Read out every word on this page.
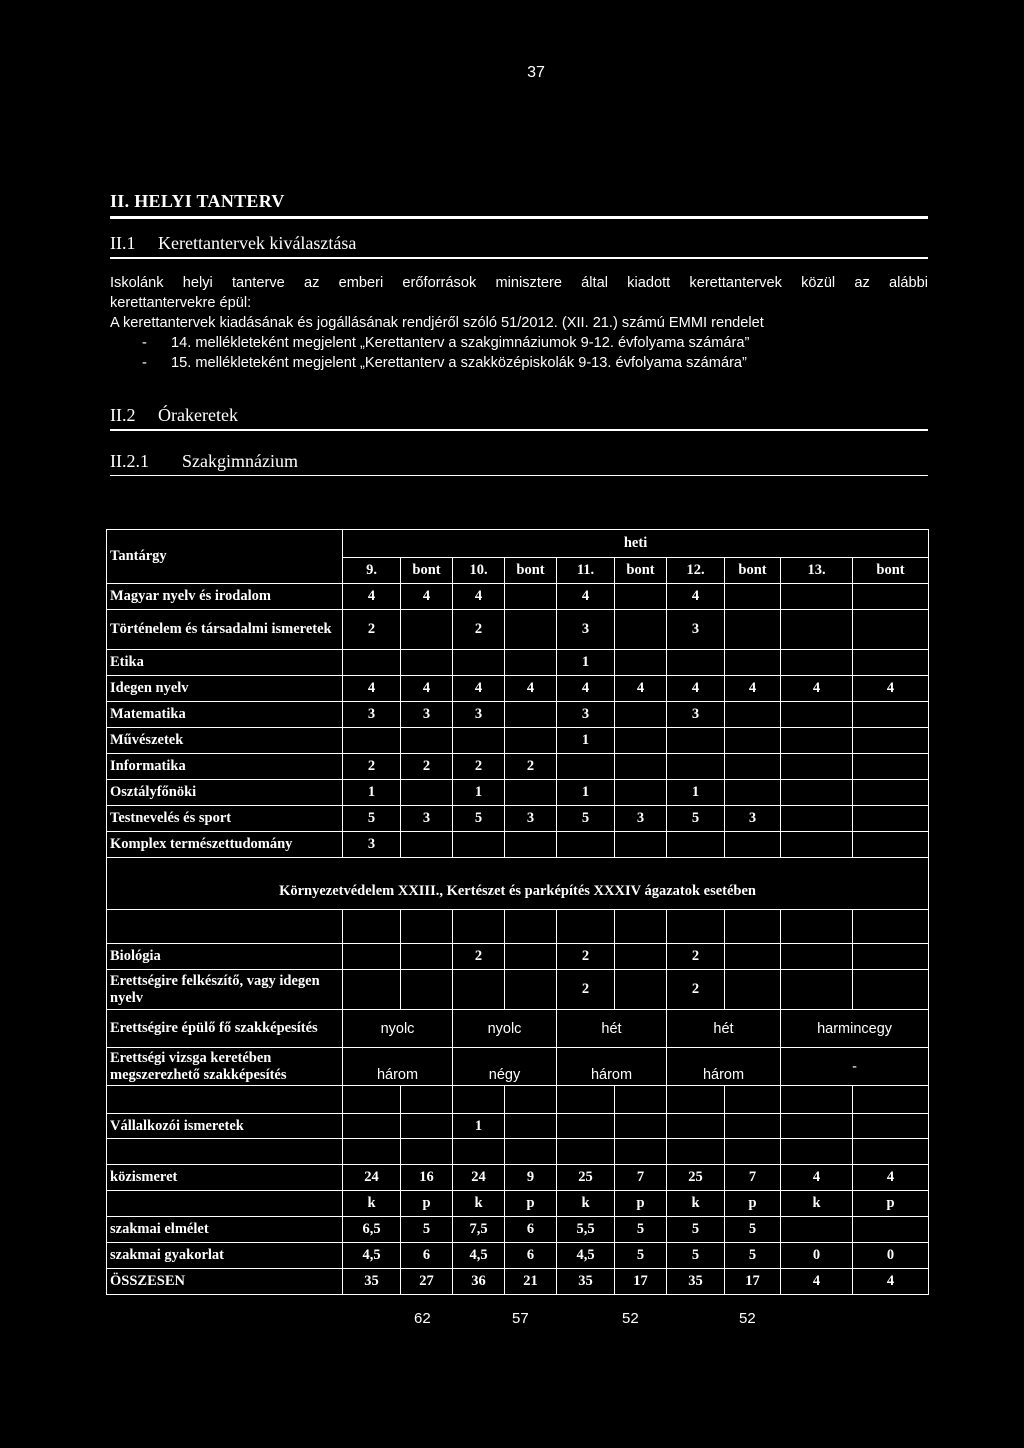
37
II. HELYI TANTERV
II.1 Kerettantervek kiválasztása

Iskolánk helyi tanterve az emberi erőforrások minisztere által kiadott kerettantervek közül az alábbi

kerettantervekre épül:

A kerettantervek kiadásának és jogállásának rendjéről szóló 51/2012. (XII. 21.) számú EMMI rendelet

- 14. mellékleteként megjelent „Kerettanterv a szakgimnáziumok 9-12. évfolyama számára”

- 15. mellékleteként megjelent „Kerettanterv a szakközépiskolák 9-13. évfolyama számára”

II.2 Órakeretek
II.2.1 Szakgimnázium
Tantárgy	heti									
	9.	bont	10.	bont	11.	bont	12.	bont	13.	bont
Magyar nyelv és irodalom	4	4	4		4		4			
Történelem és társadalmi ismeretek	2		2		3		3			
Etika					1					
Idegen nyelv	4	4	4	4	4	4	4	4	4	4
Matematika	3	3	3		3		3			
Művészetek					1					
Informatika	2	2	2	2						
Osztályfőnöki	1		1		1		1			
Testnevelés és sport	5	3	5	3	5	3	5	3		
Komplex természettudomány	3									
Környezetvédelem XXIII., Kertészet és parképítés XXXIV ágazatok esetében										

Biológia			2		2		2			
Erettségire felkészítő, vagy idegen nyelv					2		2			
Erettségire épülő fő szakképesítés	nyolc		nyolc		hét		hét		harmincegy	
Erettségi vizsga keretében megszerezhető szakképesítés	három		négy		három		három		-	

Vállalkozói ismeretek			1							

közismeret	24	16	24	9	25	7	25	7	4	4
	k	p	k	p	k	p	k	p	k	p
szakmai elmélet	6,5	5	7,5	6	5,5	5	5	5		
szakmai gyakorlat	4,5	6	4,5	6	4,5	5	5	5	0	0
ÖSSZESEN	35	27	36	21	35	17	35	17	4	4
62	57	52	52
